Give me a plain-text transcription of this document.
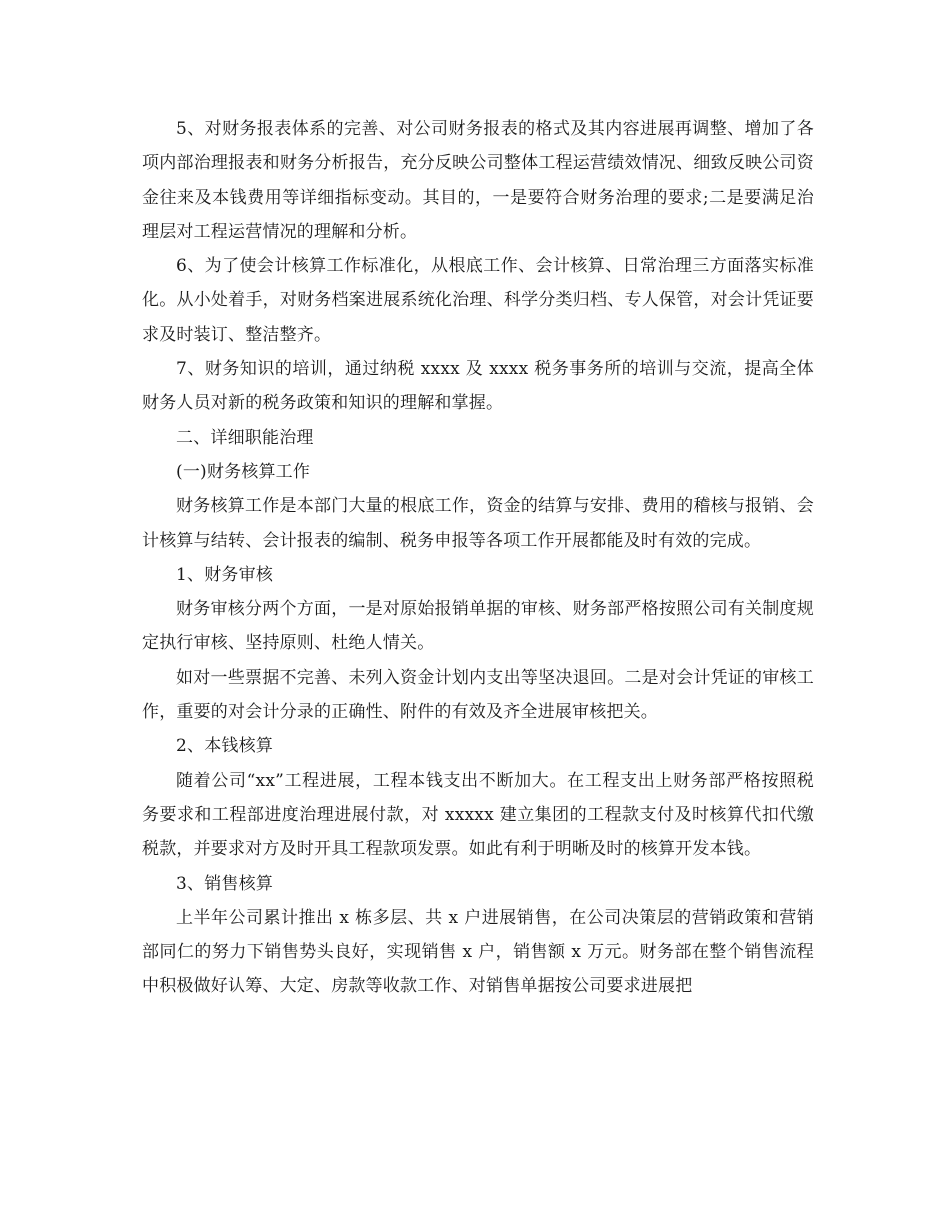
5、对财务报表体系的完善、对公司财务报表的格式及其内容进展再调整、增加了各项内部治理报表和财务分析报告，充分反映公司整体工程运营绩效情况、细致反映公司资金往来及本钱费用等详细指标变动。其目的，一是要符合财务治理的要求;二是要满足治理层对工程运营情况的理解和分析。

6、为了使会计核算工作标准化，从根底工作、会计核算、日常治理三方面落实标准化。从小处着手，对财务档案进展系统化治理、科学分类归档、专人保管，对会计凭证要求及时装订、整洁整齐。

7、财务知识的培训，通过纳税 xxxx 及 xxxx 税务事务所的培训与交流，提高全体财务人员对新的税务政策和知识的理解和掌握。

二、详细职能治理

(一)财务核算工作

财务核算工作是本部门大量的根底工作，资金的结算与安排、费用的稽核与报销、会计核算与结转、会计报表的编制、税务申报等各项工作开展都能及时有效的完成。

1、财务审核

财务审核分两个方面，一是对原始报销单据的审核、财务部严格按照公司有关制度规定执行审核、坚持原则、杜绝人情关。

如对一些票据不完善、未列入资金计划内支出等坚决退回。二是对会计凭证的审核工作，重要的对会计分录的正确性、附件的有效及齐全进展审核把关。

2、本钱核算

随着公司“xx”工程进展，工程本钱支出不断加大。在工程支出上财务部严格按照税务要求和工程部进度治理进展付款，对 xxxxx 建立集团的工程款支付及时核算代扣代缴税款，并要求对方及时开具工程款项发票。如此有利于明晰及时的核算开发本钱。

3、销售核算

上半年公司累计推出 x 栋多层、共 x 户进展销售，在公司决策层的营销政策和营销部同仁的努力下销售势头良好，实现销售 x 户，销售额 x 万元。财务部在整个销售流程中积极做好认筹、大定、房款等收款工作、对销售单据按公司要求进展把
